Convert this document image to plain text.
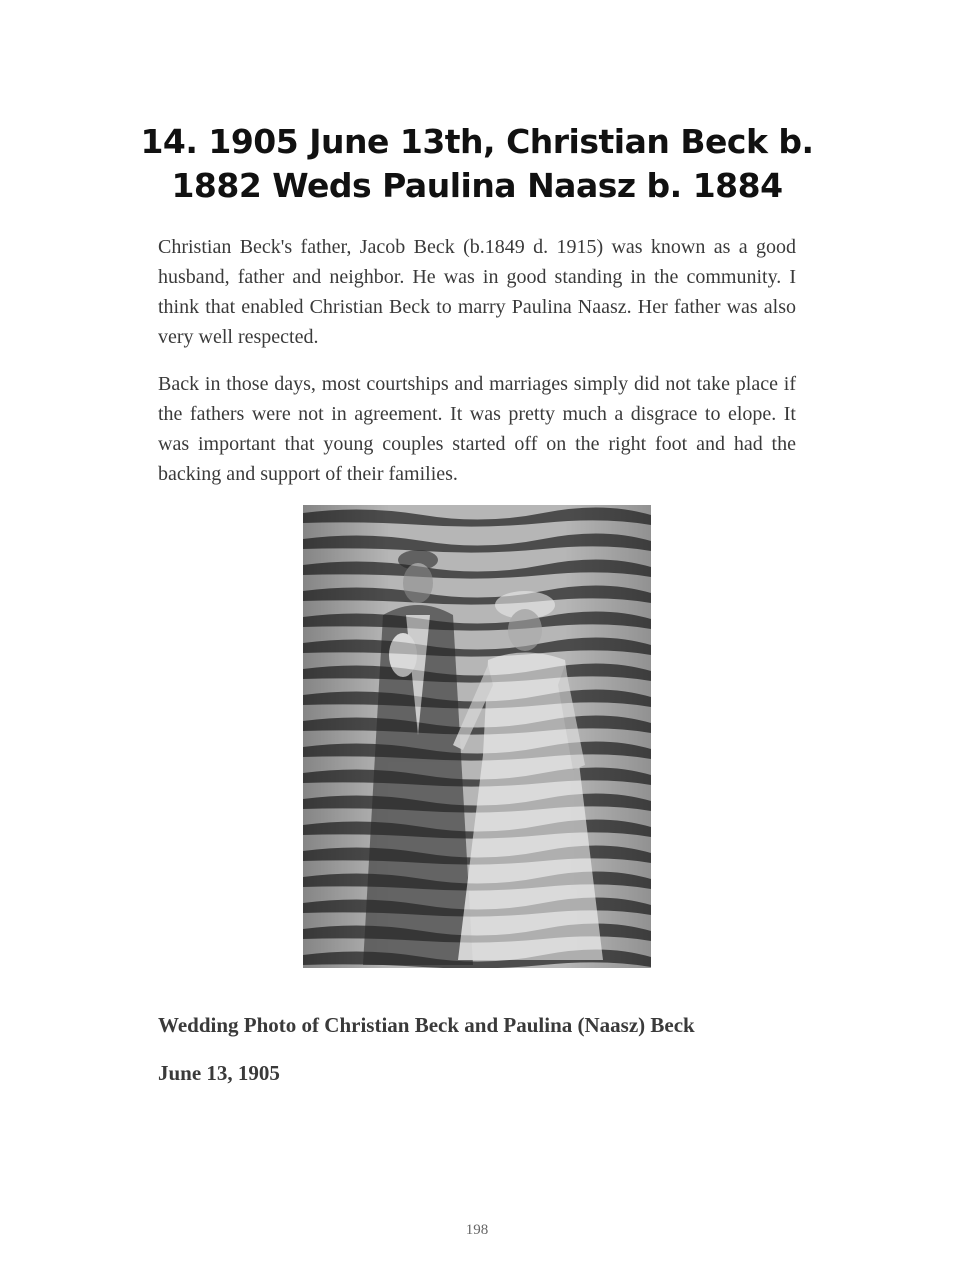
14. 1905 June 13th, Christian Beck b.
1882 Weds Paulina Naasz b. 1884

Christian Beck's father, Jacob Beck (b.1849 d. 1915) was known as a good husband, father and neighbor. He was in good standing in the community. I think that enabled Christian Beck to marry Paulina Naasz. Her father was also very well respected.

Back in those days, most courtships and marriages simply did not take place if the fathers were not in agreement. It was pretty much a disgrace to elope. It was important that young couples started off on the right foot and had the backing and support of their families.

Wedding Photo of Christian Beck and Paulina (Naasz) Beck

June 13, 1905

198
